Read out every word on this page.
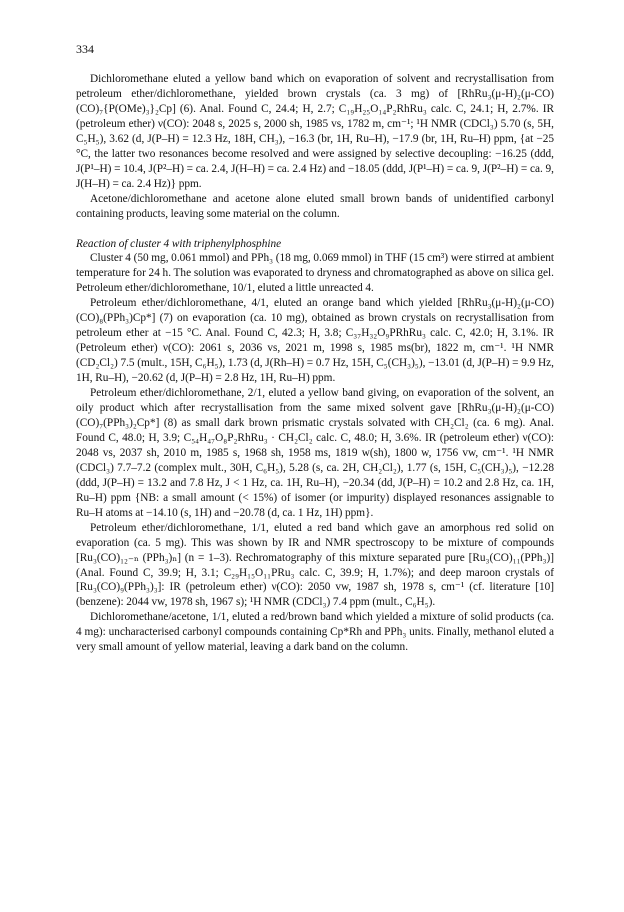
334

Dichloromethane eluted a yellow band which on evaporation of solvent and recrystallisation from petroleum ether/dichloromethane, yielded brown crystals (ca. 3 mg) of [RhRu₃(μ-H)₂(μ-CO)(CO)₇{P(OMe)₃}₂Cp] (6). Anal. Found C, 24.4; H, 2.7; C₁₉H₂₅O₁₄P₂RhRu₃ calc. C, 24.1; H, 2.7%. IR (petroleum ether) ν(CO): 2048 s, 2025 s, 2000 sh, 1985 vs, 1782 m, cm⁻¹; ¹H NMR (CDCl₃) 5.70 (s, 5H, C₅H₅), 3.62 (d, J(P–H) = 12.3 Hz, 18H, CH₃), −16.3 (br, 1H, Ru–H), −17.9 (br, 1H, Ru–H) ppm, {at −25 °C, the latter two resonances become resolved and were assigned by selective decoupling: −16.25 (ddd, J(P¹–H) = 10.4, J(P²–H) = ca. 2.4, J(H–H) = ca. 2.4 Hz) and −18.05 (ddd, J(P¹–H) = ca. 9, J(P²–H) = ca. 9, J(H–H) = ca. 2.4 Hz)} ppm.

Acetone/dichloromethane and acetone alone eluted small brown bands of unidentified carbonyl containing products, leaving some material on the column.

Reaction of cluster 4 with triphenylphosphine

Cluster 4 (50 mg, 0.061 mmol) and PPh₃ (18 mg, 0.069 mmol) in THF (15 cm³) were stirred at ambient temperature for 24 h. The solution was evaporated to dryness and chromatographed as above on silica gel. Petroleum ether/dichloromethane, 10/1, eluted a little unreacted 4.

Petroleum ether/dichloromethane, 4/1, eluted an orange band which yielded [RhRu₃(μ-H)₂(μ-CO)(CO)₈(PPh₃)Cp*] (7) on evaporation (ca. 10 mg), obtained as brown crystals on recrystallisation from petroleum ether at −15 °C. Anal. Found C, 42.3; H, 3.8; C₃₇H₃₂O₉PRhRu₃ calc. C, 42.0; H, 3.1%. IR (Petroleum ether) ν(CO): 2061 s, 2036 vs, 2021 m, 1998 s, 1985 ms(br), 1822 m, cm⁻¹. ¹H NMR (CD₂Cl₂) 7.5 (mult., 15H, C₆H₅), 1.73 (d, J(Rh–H) = 0.7 Hz, 15H, C₅(CH₃)₅), −13.01 (d, J(P–H) = 9.9 Hz, 1H, Ru–H), −20.62 (d, J(P–H) = 2.8 Hz, 1H, Ru–H) ppm.

Petroleum ether/dichloromethane, 2/1, eluted a yellow band giving, on evaporation of the solvent, an oily product which after recrystallisation from the same mixed solvent gave [RhRu₃(μ-H)₂(μ-CO)(CO)₇(PPh₃)₂Cp*] (8) as small dark brown prismatic crystals solvated with CH₂Cl₂ (ca. 6 mg). Anal. Found C, 48.0; H, 3.9; C₅₄H₄₇O₈P₂RhRu₃ · CH₂Cl₂ calc. C, 48.0; H, 3.6%. IR (petroleum ether) ν(CO): 2048 vs, 2037 sh, 2010 m, 1985 s, 1968 sh, 1958 ms, 1819 w(sh), 1800 w, 1756 vw, cm⁻¹. ¹H NMR (CDCl₃) 7.7–7.2 (complex mult., 30H, C₆H₅), 5.28 (s, ca. 2H, CH₂Cl₂), 1.77 (s, 15H, C₅(CH₃)₅), −12.28 (ddd, J(P–H) = 13.2 and 7.8 Hz, J < 1 Hz, ca. 1H, Ru–H), −20.34 (dd, J(P–H) = 10.2 and 2.8 Hz, ca. 1H, Ru–H) ppm {NB: a small amount (< 15%) of isomer (or impurity) displayed resonances assignable to Ru–H atoms at −14.10 (s, 1H) and −20.78 (d, ca. 1 Hz, 1H) ppm}.

Petroleum ether/dichloromethane, 1/1, eluted a red band which gave an amorphous red solid on evaporation (ca. 5 mg). This was shown by IR and NMR spectroscopy to be mixture of compounds [Ru₃(CO)₁₂₋ₙ (PPh₃)ₙ] (n = 1–3). Rechromatography of this mixture separated pure [Ru₃(CO)₁₁(PPh₃)] (Anal. Found C, 39.9; H, 3.1; C₂₉H₁₅O₁₁PRu₃ calc. C, 39.9; H, 1.7%); and deep maroon crystals of [Ru₃(CO)₉(PPh₃)₃]: IR (petroleum ether) ν(CO): 2050 vw, 1987 sh, 1978 s, cm⁻¹ (cf. literature [10] (benzene): 2044 vw, 1978 sh, 1967 s); ¹H NMR (CDCl₃) 7.4 ppm (mult., C₆H₅).

Dichloromethane/acetone, 1/1, eluted a red/brown band which yielded a mixture of solid products (ca. 4 mg): uncharacterised carbonyl compounds containing Cp*Rh and PPh₃ units. Finally, methanol eluted a very small amount of yellow material, leaving a dark band on the column.
